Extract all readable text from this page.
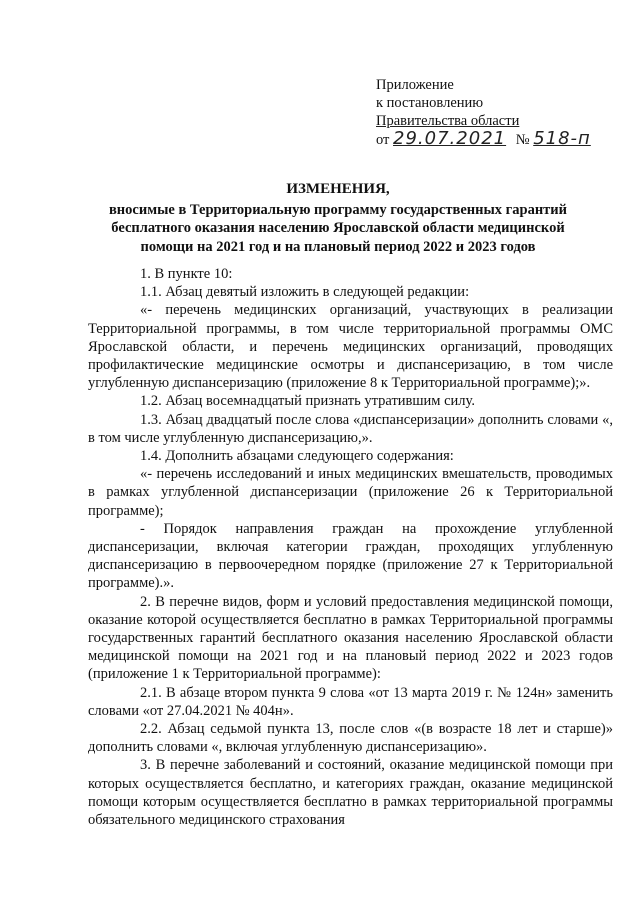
Приложение
к постановлению
Правительства области
от 29.07.2021 № 518-п
ИЗМЕНЕНИЯ,
вносимые в Территориальную программу государственных гарантий бесплатного оказания населению Ярославской области медицинской помощи на 2021 год и на плановый период 2022 и 2023 годов

1. В пункте 10:

1.1. Абзац девятый изложить в следующей редакции:

«- перечень медицинских организаций, участвующих в реализации Территориальной программы, в том числе территориальной программы ОМС Ярославской области, и перечень медицинских организаций, проводящих профилактические медицинские осмотры и диспансеризацию, в том числе углубленную диспансеризацию (приложение 8 к Территориальной программе);».

1.2. Абзац восемнадцатый признать утратившим силу.

1.3. Абзац двадцатый после слова «диспансеризации» дополнить словами «, в том числе углубленную диспансеризацию,».

1.4. Дополнить абзацами следующего содержания:

«- перечень исследований и иных медицинских вмешательств, проводимых в рамках углубленной диспансеризации (приложение 26 к Территориальной программе);

- Порядок направления граждан на прохождение углубленной диспансеризации, включая категории граждан, проходящих углубленную диспансеризацию в первоочередном порядке (приложение 27 к Территориальной программе).».

2. В перечне видов, форм и условий предоставления медицинской помощи, оказание которой осуществляется бесплатно в рамках Территориальной программы государственных гарантий бесплатного оказания населению Ярославской области медицинской помощи на 2021 год и на плановый период 2022 и 2023 годов (приложение 1 к Территориальной программе):

2.1. В абзаце втором пункта 9 слова «от 13 марта 2019 г. № 124н» заменить словами «от 27.04.2021 № 404н».

2.2. Абзац седьмой пункта 13, после слов «(в возрасте 18 лет и старше)» дополнить словами «, включая углубленную диспансеризацию».

3. В перечне заболеваний и состояний, оказание медицинской помощи при которых осуществляется бесплатно, и категориях граждан, оказание медицинской помощи которым осуществляется бесплатно в рамках территориальной программы обязательного медицинского страхования
